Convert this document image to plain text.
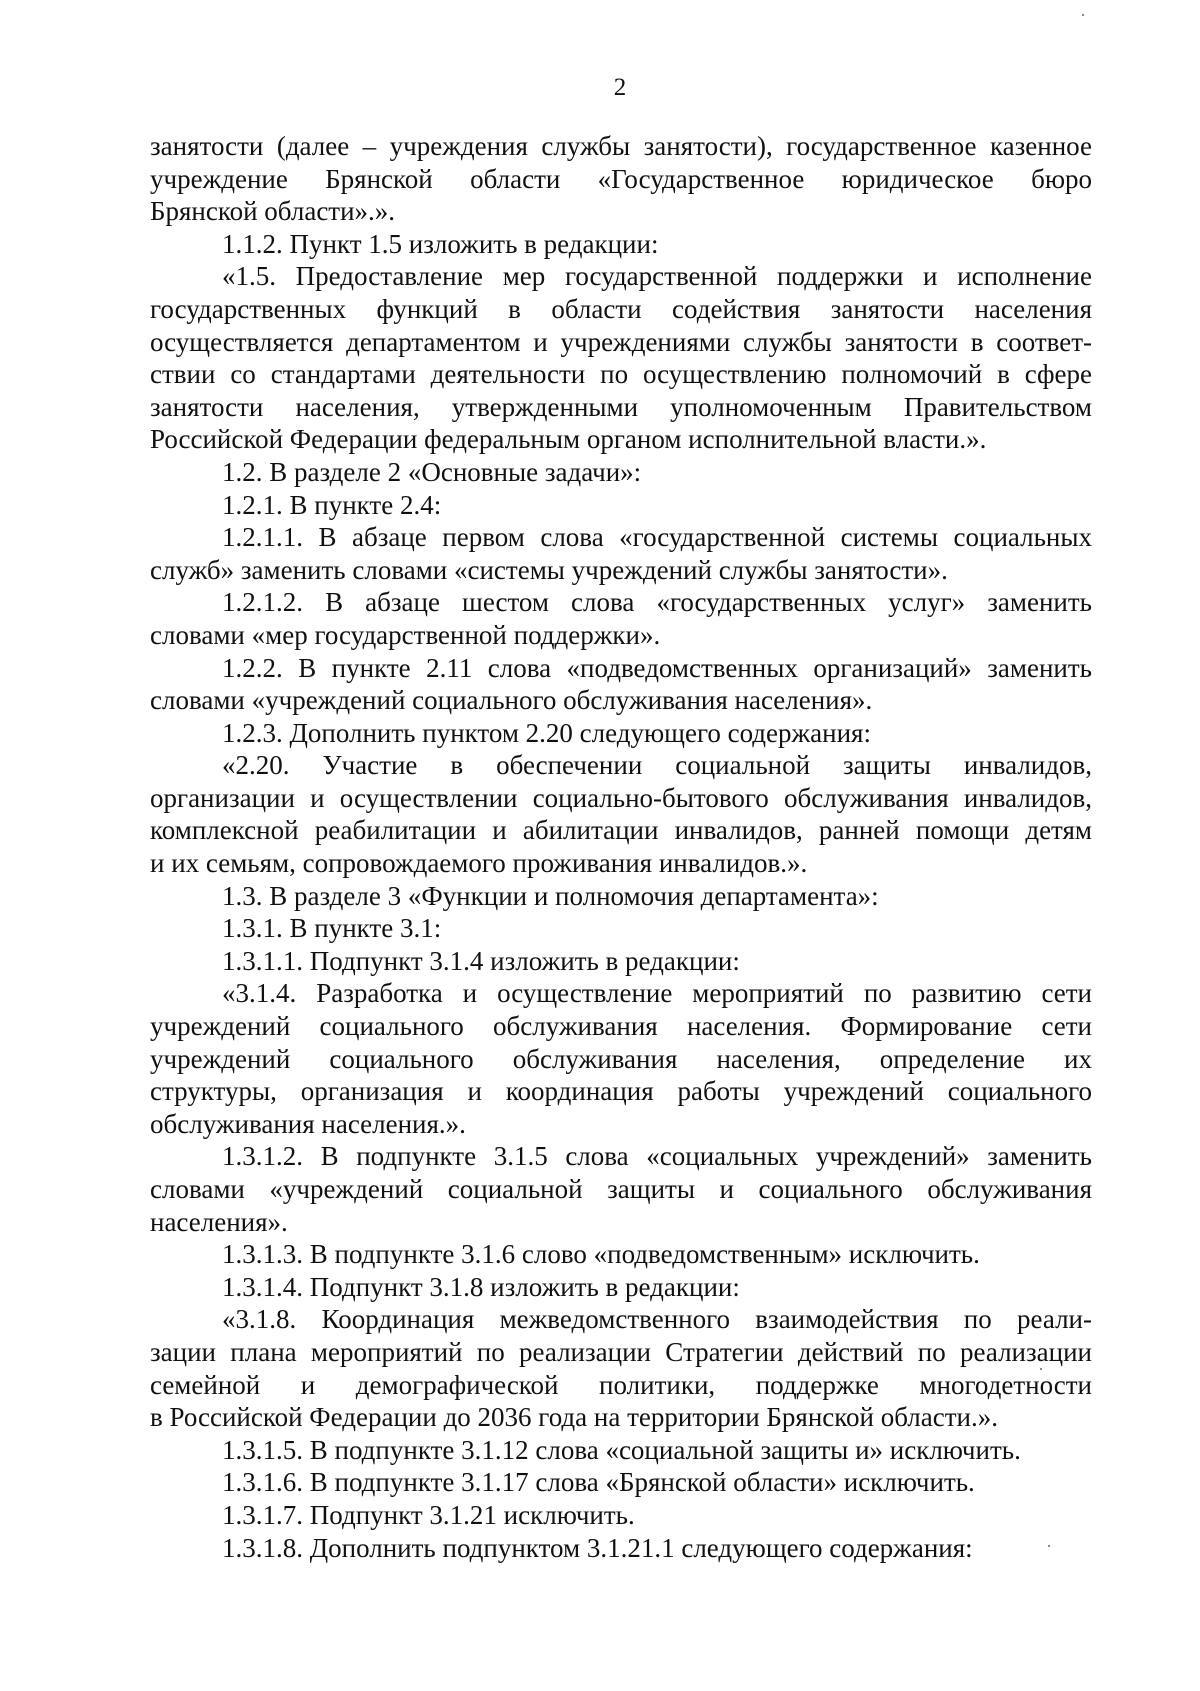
2
занятости (далее – учреждения службы занятости), государственное казенное
учреждение Брянской области «Государственное юридическое бюро
Брянской области».».
1.1.2. Пункт 1.5 изложить в редакции:
«1.5. Предоставление мер государственной поддержки и исполнение
государственных функций в области содействия занятости населения
осуществляется департаментом и учреждениями службы занятости в соответ-
ствии со стандартами деятельности по осуществлению полномочий в сфере
занятости населения, утвержденными уполномоченным Правительством
Российской Федерации федеральным органом исполнительной власти.».
1.2. В разделе 2 «Основные задачи»:
1.2.1. В пункте 2.4:
1.2.1.1. В абзаце первом слова «государственной системы социальных
служб» заменить словами «системы учреждений службы занятости».
1.2.1.2. В абзаце шестом слова «государственных услуг» заменить
словами «мер государственной поддержки».
1.2.2. В пункте 2.11 слова «подведомственных организаций» заменить
словами «учреждений социального обслуживания населения».
1.2.3. Дополнить пунктом 2.20 следующего содержания:
«2.20. Участие в обеспечении социальной защиты инвалидов,
организации и осуществлении социально-бытового обслуживания инвалидов,
комплексной реабилитации и абилитации инвалидов, ранней помощи детям
и их семьям, сопровождаемого проживания инвалидов.».
1.3. В разделе 3 «Функции и полномочия департамента»:
1.3.1. В пункте 3.1:
1.3.1.1. Подпункт 3.1.4 изложить в редакции:
«3.1.4. Разработка и осуществление мероприятий по развитию сети
учреждений социального обслуживания населения. Формирование сети
учреждений социального обслуживания населения, определение их
структуры, организация и координация работы учреждений социального
обслуживания населения.».
1.3.1.2. В подпункте 3.1.5 слова «социальных учреждений» заменить
словами «учреждений социальной защиты и социального обслуживания
населения».
1.3.1.3. В подпункте 3.1.6 слово «подведомственным» исключить.
1.3.1.4. Подпункт 3.1.8 изложить в редакции:
«3.1.8. Координация межведомственного взаимодействия по реали-
зации плана мероприятий по реализации Стратегии действий по реализации
семейной и демографической политики, поддержке многодетности
в Российской Федерации до 2036 года на территории Брянской области.».
1.3.1.5. В подпункте 3.1.12 слова «социальной защиты и» исключить.
1.3.1.6. В подпункте 3.1.17 слова «Брянской области» исключить.
1.3.1.7. Подпункт 3.1.21 исключить.
1.3.1.8. Дополнить подпунктом 3.1.21.1 следующего содержания:
